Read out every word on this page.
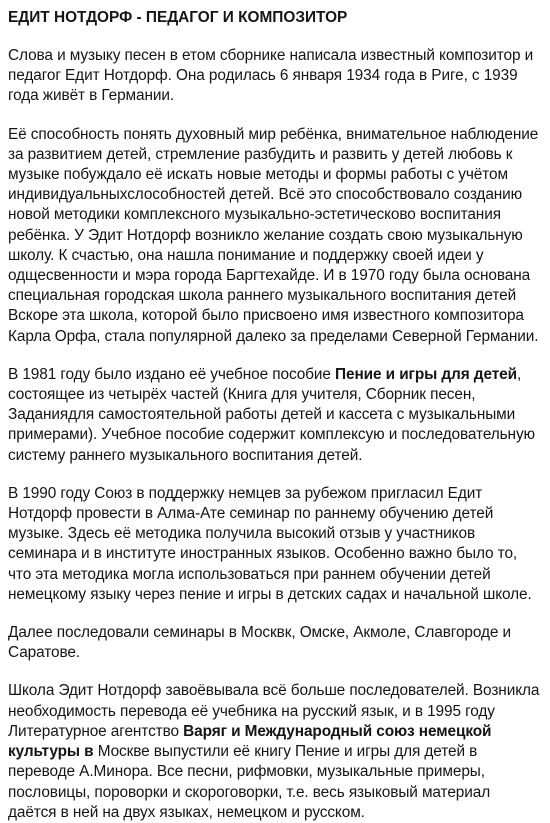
ЕДИТ НОТДОРФ - ПЕДАГОГ И КОМПОЗИТОР
Слова и музыку песен в етом сборнике написала известный композитор и педагог Едит Нотдорф. Она родилась 6 января 1934 года в Риге, с 1939 года живёт в Германии.
Её способность понять духовный мир ребёнка, внимательное наблюдение за развитием детей, стремление разбудить и развить у детей любовь к музыке побуждало её искать новые методы и формы работы с учётом индивидуальныхслособностей детей. Всё это способствовало созданию новой методики комплексного музыкально-эстетическово воспитания ребёнка. У Эдит Нотдорф возникло желание создать свою музыкальную школу. К счастью, она нашла понимание и поддержку своей идеи у одщесвенности и мэра города Баргтехайде. И в 1970 году была основана специальная городская школа раннего музыкального воспитания детей Вскоре эта школа, которой было присвоено имя известного композитора Карла Орфа, стала популярной далеко за пределами Северной Германии.
В 1981 году было издано её учебное пособие Пение и игры для детей, состоящее из четырёх частей (Книга для учителя, Сборник песен, Заданиядля самостоятельной работы детей и кассета с музыкальными примерами). Учебное пособие содержит комплексую и последовательную систему раннего музыкального воспитания детей.
В 1990 году Союз в поддержку немцев за рубежом пригласил Едит Нотдорф провести в Алма-Ате семинар по раннему обучению детей музыке. Здесь её методика получила высокий отзыв у участников семинара и в институте иностранных языков. Особенно важно было то, что эта методика могла использоваться при раннем обучении детей немецкому языку через пение и игры в детских садах и начальной школе.
Далее последовали семинары в Москвк, Омске, Акмоле, Славгороде и Саратове.
Школа Эдит Нотдорф завоёвывала всё больше последователей. Возникла необходимость перевода её учебника на русский язык, и в 1995 году Литературное агентство Варяг и Международный союз немецкой культуры в Москве выпустили её книгу Пение и игры для детей в переводе А.Минора. Все песни, рифмовки, музыкальные примеры, пословицы, пороворки и скороговорки, т.е. весь языковый материал даётся в ней на двух языках, немецком и русском.
